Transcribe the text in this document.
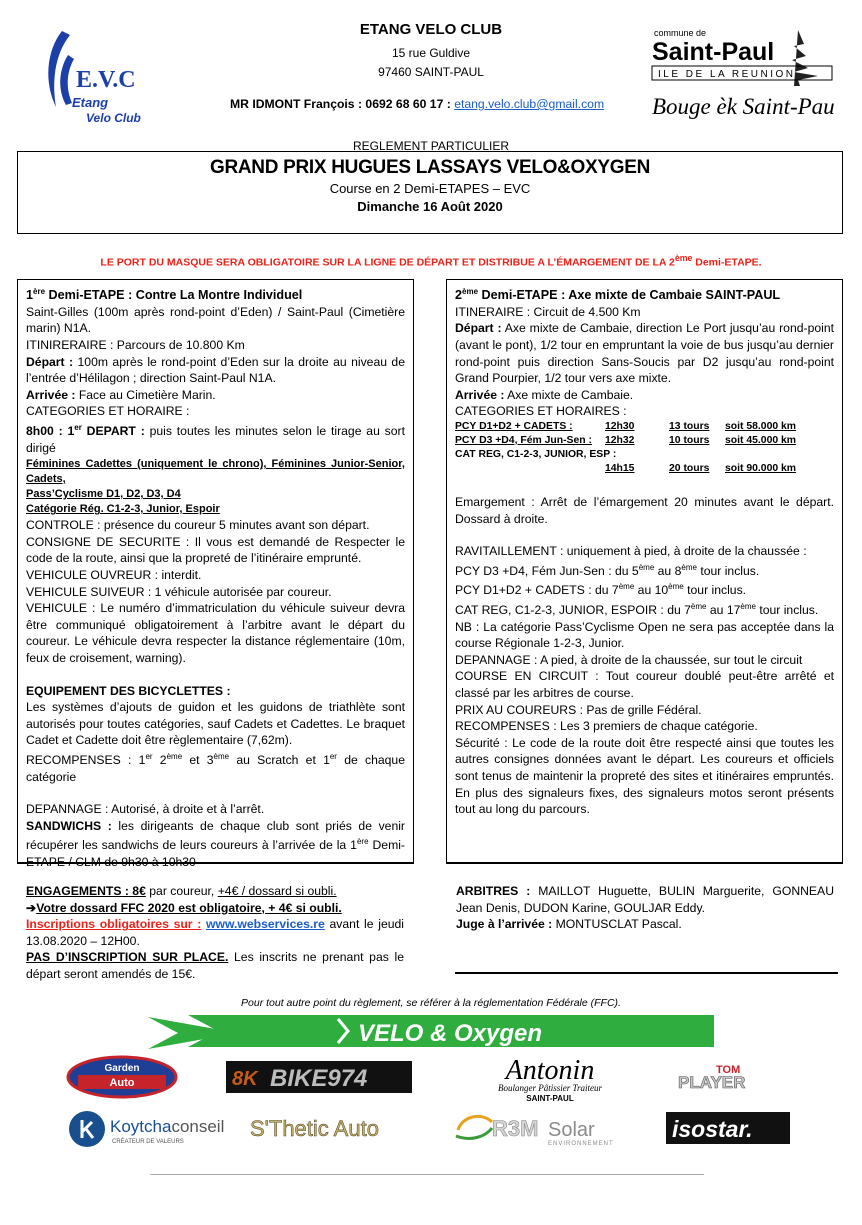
E.V.C
Etang
Velo Club
commune de
Saint-Paul
ILE DE LA REUNION
Bouge èk Saint-Paul!
ETANG VELO CLUB
15 rue Guldive
97460 SAINT-PAUL
MR IDMONT François : 0692 68 60 17 : etang.velo.club@gmail.com
REGLEMENT PARTICULIER
GRAND PRIX HUGUES LASSAYS VELO&OXYGEN
Course en 2 Demi-ETAPES – EVC
Dimanche 16 Août 2020
LE PORT DU MASQUE SERA OBLIGATOIRE SUR LA LIGNE DE DÉPART ET DISTRIBUE A L’ÉMARGEMENT DE LA 2ème Demi-ETAPE.
1ère Demi-ETAPE : Contre La Montre Individuel
Saint-Gilles (100m après rond-point d’Eden) / Saint-Paul (Cimetière marin) N1A.
ITINIRERAIRE : Parcours de 10.800 Km
Départ : 100m après le rond-point d’Eden sur la droite au niveau de l’entrée d’Hélilagon ; direction Saint-Paul N1A.
Arrivée : Face au Cimetière Marin.
CATEGORIES ET HORAIRE :
8h00 : 1er DEPART : puis toutes les minutes selon le tirage au sort dirigé
Féminines Cadettes (uniquement le chrono), Féminines Junior-Senior, Cadets,
Pass’Cyclisme D1, D2, D3, D4
Catégorie Rég. C1-2-3, Junior, Espoir
CONTROLE : présence du coureur 5 minutes avant son départ.
CONSIGNE DE SECURITE : Il vous est demandé de Respecter le code de la route, ainsi que la propreté de l’itinéraire emprunté.
VEHICULE OUVREUR : interdit.
VEHICULE SUIVEUR : 1 véhicule autorisée par coureur.
VEHICULE : Le numéro d’immatriculation du véhicule suiveur devra être communiqué obligatoirement à l’arbitre avant le départ du coureur. Le véhicule devra respecter la distance réglementaire (10m, feux de croisement, warning).
EQUIPEMENT DES BICYCLETTES :
Les systèmes d’ajouts de guidon et les guidons de triathlète sont autorisés pour toutes catégories, sauf Cadets et Cadettes. Le braquet Cadet et Cadette doit être règlementaire (7,62m).
RECOMPENSES : 1er 2ème et 3ème au Scratch et 1er de chaque catégorie
DEPANNAGE : Autorisé, à droite et à l’arrêt.
SANDWICHS : les dirigeants de chaque club sont priés de venir récupérer les sandwichs de leurs coureurs à l’arrivée de la 1ère Demi-ETAPE / CLM de 9h30 à 10h30
2ème Demi-ETAPE : Axe mixte de Cambaie SAINT-PAUL
ITINERAIRE : Circuit de 4.500 Km
Départ : Axe mixte de Cambaie, direction Le Port jusqu’au rond-point (avant le pont), 1/2 tour en empruntant la voie de bus jusqu’au dernier rond-point puis direction Sans-Soucis par D2 jusqu’au rond-point Grand Pourpier, 1/2 tour vers axe mixte.
Arrivée : Axe mixte de Cambaie.
CATEGORIES ET HORAIRES :
PCY D1+D2 + CADETS :	12h30	13 tours	soit 58.000 km
PCY D3 +D4, Fém Jun-Sen :	12h32	10 tours	soit 45.000 km
CAT REG, C1-2-3, JUNIOR, ESP :			
	14h15	20 tours	soit 90.000 km
Emargement : Arrêt de l’émargement 20 minutes avant le départ. Dossard à droite.
RAVITAILLEMENT : uniquement à pied, à droite de la chaussée :
PCY D3 +D4, Fém Jun-Sen : du 5ème au 8ème tour inclus.
PCY D1+D2 + CADETS : du 7ème au 10ème tour inclus.
CAT REG, C1-2-3, JUNIOR, ESPOIR : du 7ème au 17ème tour inclus.
NB : La catégorie Pass’Cyclisme Open ne sera pas acceptée dans la course Régionale 1-2-3, Junior.
DEPANNAGE : A pied, à droite de la chaussée, sur tout le circuit
COURSE EN CIRCUIT : Tout coureur doublé peut-être arrêté et classé par les arbitres de course.
PRIX AU COUREURS : Pas de grille Fédéral.
RECOMPENSES : Les 3 premiers de chaque catégorie.
Sécurité : Le code de la route doit être respecté ainsi que toutes les autres consignes données avant le départ. Les coureurs et officiels sont tenus de maintenir la propreté des sites et itinéraires empruntés. En plus des signaleurs fixes, des signaleurs motos seront présents tout au long du parcours.
ENGAGEMENTS : 8€ par coureur, +4€ / dossard si oubli.
➔Votre dossard FFC 2020 est obligatoire, + 4€ si oubli.
Inscriptions obligatoires sur : www.webservices.re avant le jeudi 13.08.2020 – 12H00.
PAS D’INSCRIPTION SUR PLACE. Les inscrits ne prenant pas le départ seront amendés de 15€.
ARBITRES : MAILLOT Huguette, BULIN Marguerite, GONNEAU Jean Denis, DUDON Karine, GOULJAR Eddy.
Juge à l’arrivée : MONTUSCLAT Pascal.
Pour tout autre point du règlement, se référer à la réglementation Fédérale (FFC).
VELO & Oxygen
Garden
Auto	8K BIKE974	Antonin
Boulanger Pâtissier Traiteur
SAINT-PAUL
TOM
PLAYER
Koytchaconseil
CRÉATEUR DE VALEURS
S'Thetic Auto	R3M Solar
ENVIRONNEMENT
isostar.
